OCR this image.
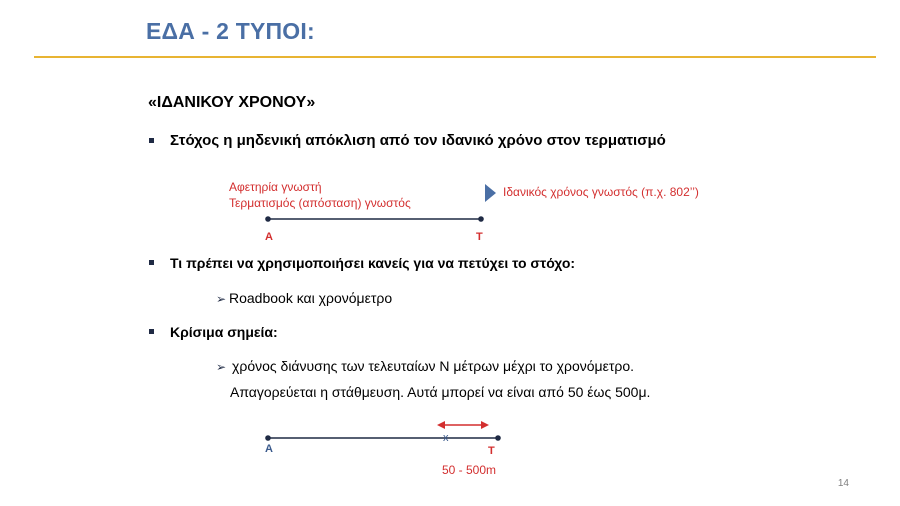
ΕΔΑ - 2 ΤΥΠΟΙ:
«ΙΔΑΝΙΚΟΥ ΧΡΟΝΟΥ»
Στόχος η μηδενική απόκλιση από τον ιδανικό χρόνο στον τερματισμό
Αφετηρία γνωστή
Τερματισμός (απόσταση) γνωστός
Ιδανικός χρόνος γνωστός (π.χ. 802’’)
Α	Τ
Τι πρέπει να χρησιμοποιήσει κανείς για να πετύχει το στόχο:
➢ Roadbook και χρονόμετρο
Κρίσιμα σημεία:
➢ χρόνος διάνυσης των τελευταίων Ν μέτρων μέχρι το χρονόμετρο.
Απαγορεύεται η στάθμευση. Αυτά μπορεί να είναι από 50 έως 500μ.
Α
x
Τ
50 - 500m
14
